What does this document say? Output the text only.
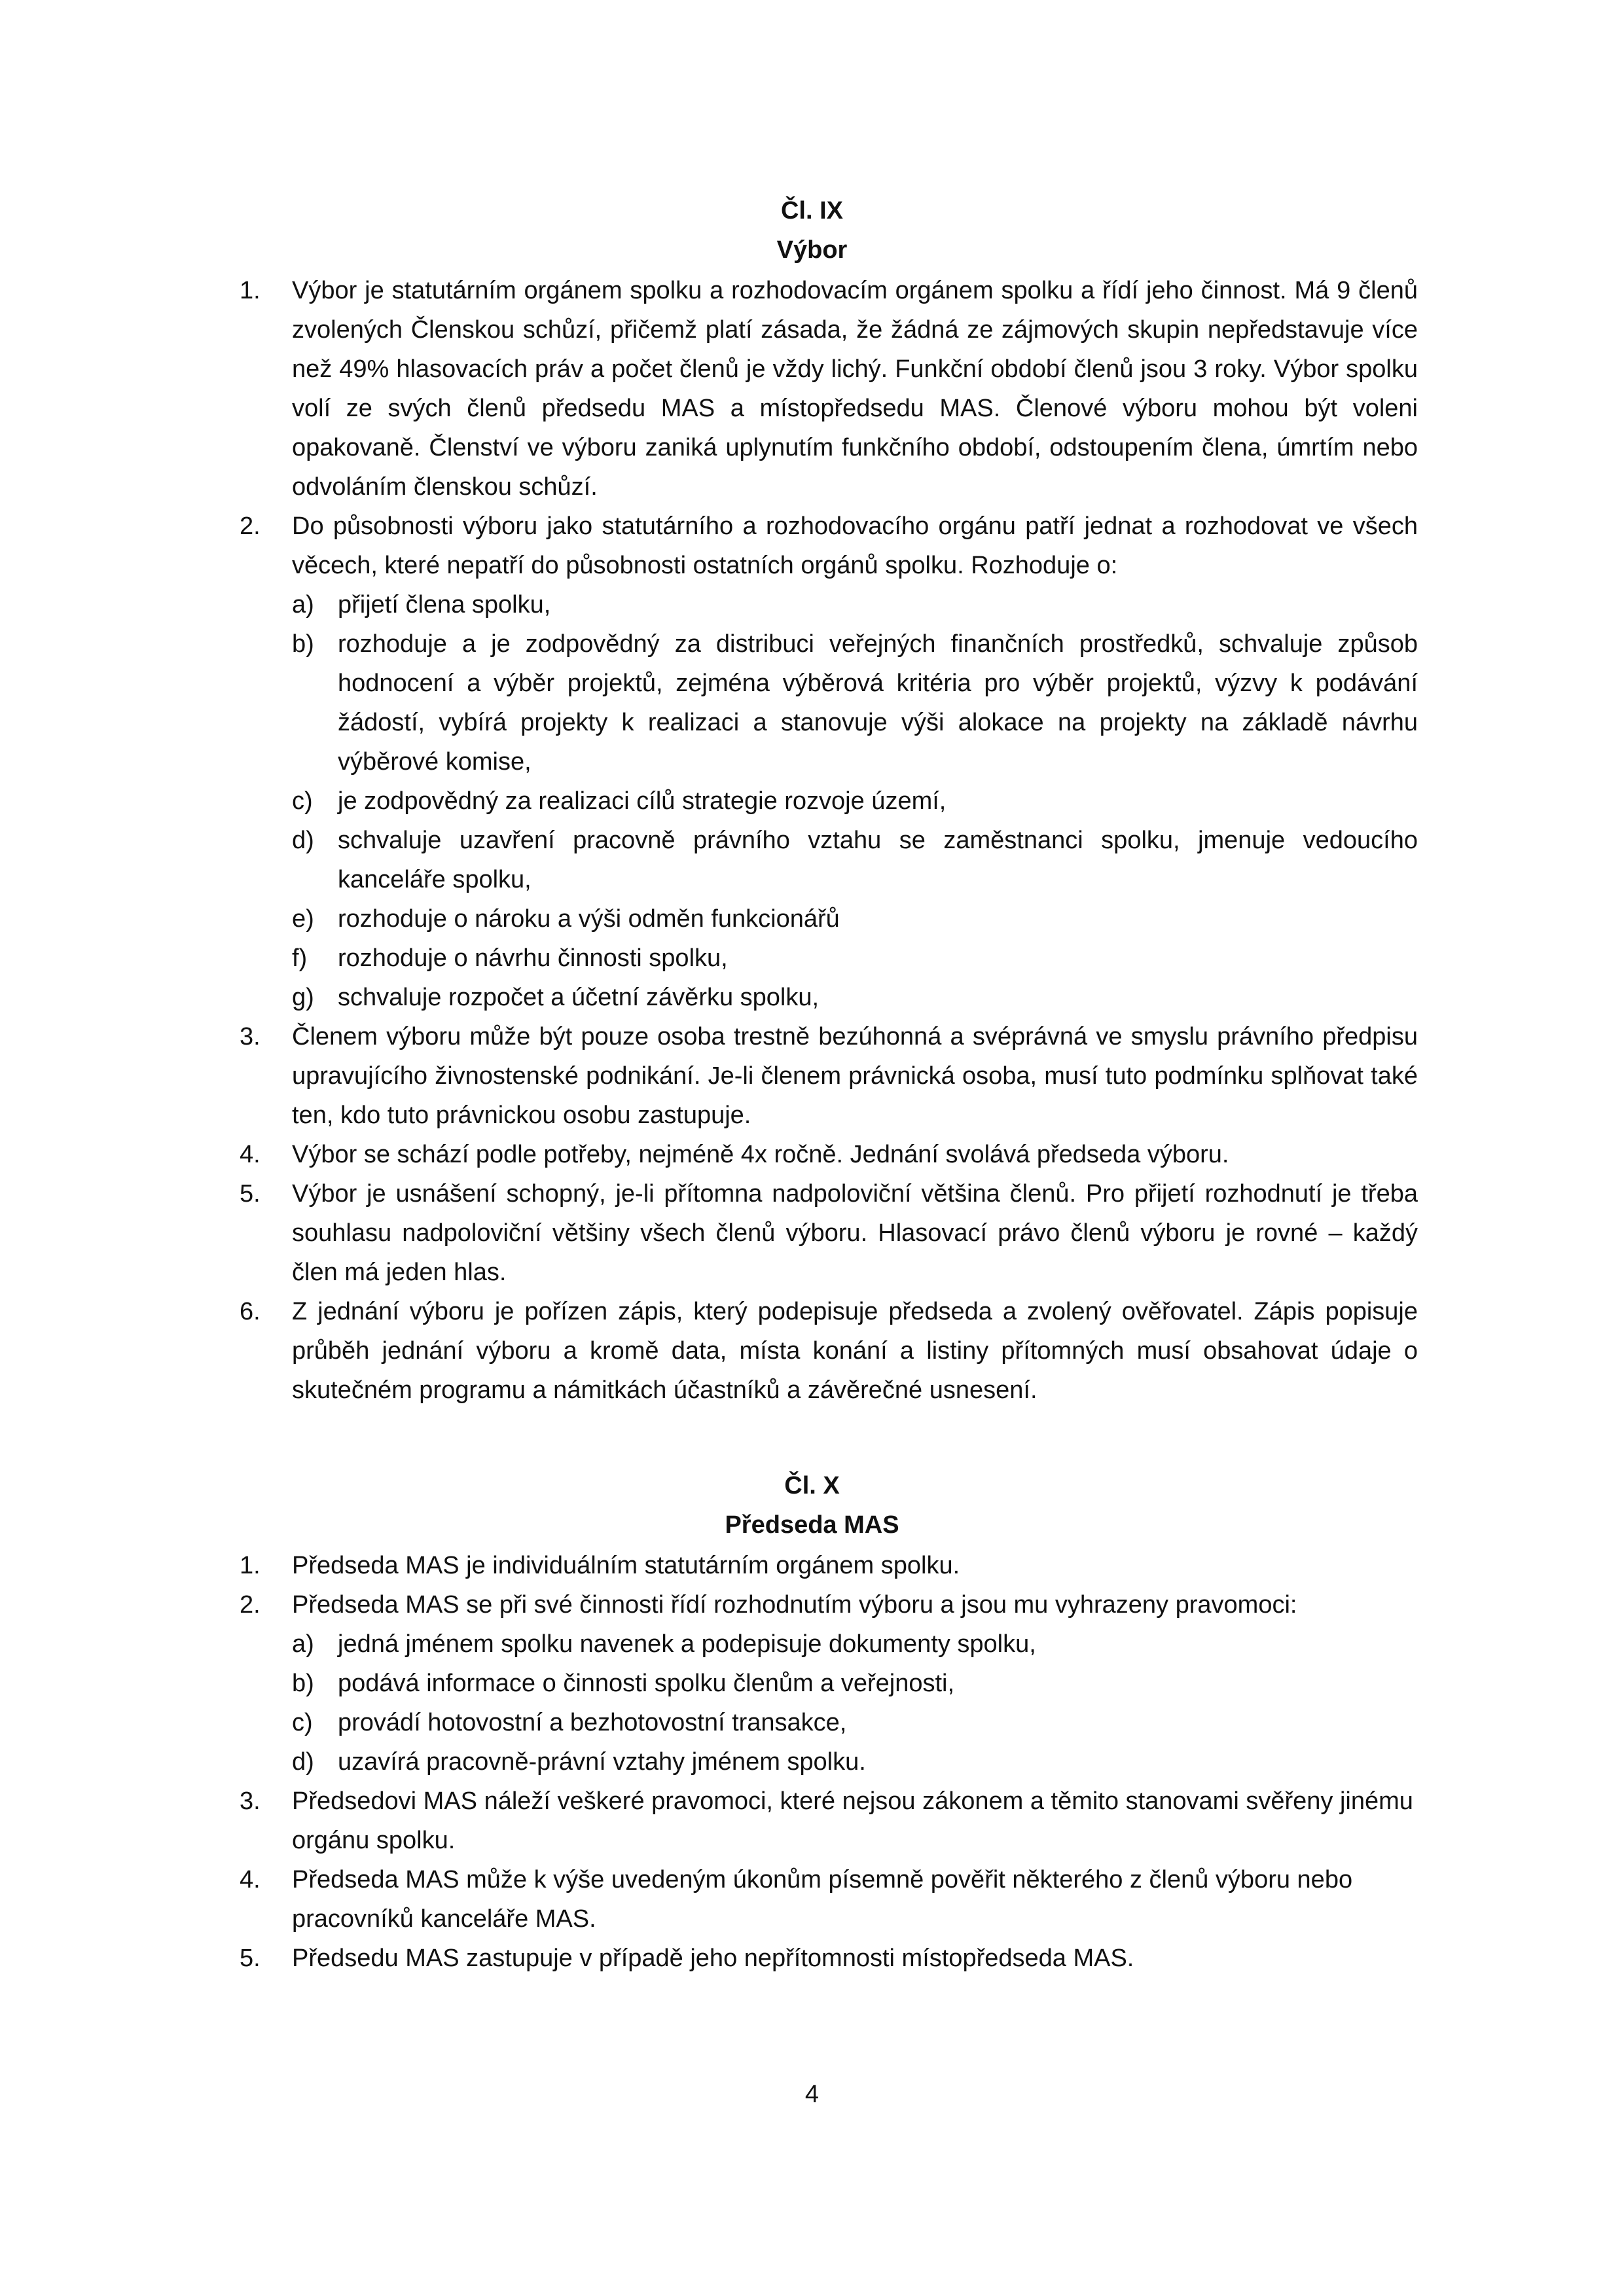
Čl. IX
Výbor
1.	Výbor je statutárním orgánem spolku a rozhodovacím orgánem spolku a řídí jeho činnost. Má 9 členů zvolených Členskou schůzí, přičemž platí zásada, že žádná ze zájmových skupin nepředstavuje více než 49% hlasovacích práv a počet členů je vždy lichý. Funkční období členů jsou 3 roky. Výbor spolku volí ze svých členů předsedu MAS a místopředsedu MAS. Členové výboru mohou být voleni opakovaně. Členství ve výboru zaniká uplynutím funkčního období, odstoupením člena, úmrtím nebo odvoláním členskou schůzí.
2.	Do působnosti výboru jako statutárního a rozhodovacího orgánu patří jednat a rozhodovat ve všech věcech, které nepatří do působnosti ostatních orgánů spolku. Rozhoduje o:
a) přijetí člena spolku,
b) rozhoduje a je zodpovědný za distribuci veřejných finančních prostředků, schvaluje způsob hodnocení a výběr projektů, zejména výběrová kritéria pro výběr projektů, výzvy k podávání žádostí, vybírá projekty k realizaci a stanovuje výši alokace na projekty na základě návrhu výběrové komise,
c)	je zodpovědný za realizaci cílů strategie rozvoje území,
d) schvaluje uzavření pracovně právního vztahu se zaměstnanci spolku, jmenuje vedoucího kanceláře spolku,
e) rozhoduje o nároku a výši odměn funkcionářů
f)	rozhoduje o návrhu činnosti spolku,
g) schvaluje rozpočet a účetní závěrku spolku,
3.	Členem výboru může být pouze osoba trestně bezúhonná a svéprávná ve smyslu právního předpisu upravujícího živnostenské podnikání. Je-li členem právnická osoba, musí tuto podmínku splňovat také ten, kdo tuto právnickou osobu zastupuje.
4.	Výbor se schází podle potřeby, nejméně 4x ročně. Jednání svolává předseda výboru.
5.	Výbor je usnášení schopný, je-li přítomna nadpoloviční většina členů. Pro přijetí rozhodnutí je třeba souhlasu nadpoloviční většiny všech členů výboru. Hlasovací právo členů výboru je rovné – každý člen má jeden hlas.
6.	Z jednání výboru je pořízen zápis, který podepisuje předseda a zvolený ověřovatel. Zápis popisuje průběh jednání výboru a kromě data, místa konání a listiny přítomných musí obsahovat údaje o skutečném programu a námitkách účastníků a závěrečné usnesení.
Čl. X
Předseda MAS
1.	Předseda MAS je individuálním statutárním orgánem spolku.
2.	Předseda MAS se při své činnosti řídí rozhodnutím výboru a jsou mu vyhrazeny pravomoci:
a) jedná jménem spolku navenek a podepisuje dokumenty spolku,
b) podává informace o činnosti spolku členům a veřejnosti,
c)	provádí hotovostní a bezhotovostní transakce,
d) uzavírá pracovně-právní vztahy jménem spolku.
3.	Předsedovi MAS náleží veškeré pravomoci, které nejsou zákonem a těmito stanovami svěřeny jinému orgánu spolku.
4.	Předseda MAS může k výše uvedeným úkonům písemně pověřit některého z členů výboru nebo pracovníků kanceláře MAS.
5.	Předsedu MAS zastupuje v případě jeho nepřítomnosti místopředseda MAS.
4
